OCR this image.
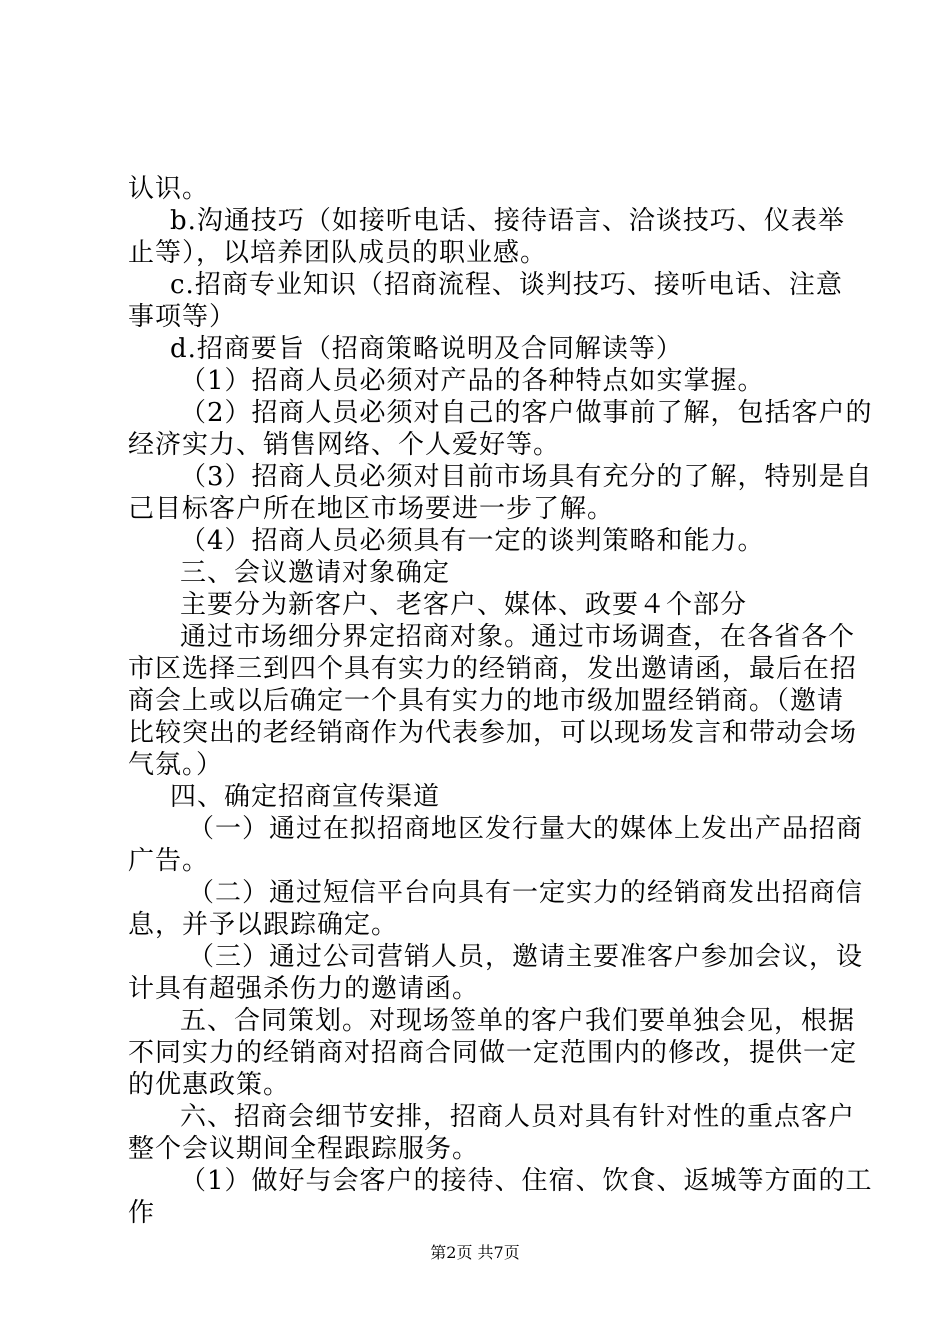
认识。
b.沟通技巧（如接听电话、接待语言、洽谈技巧、仪表举
止等），以培养团队成员的职业感。
c.招商专业知识（招商流程、谈判技巧、接听电话、注意
事项等）
d.招商要旨（招商策略说明及合同解读等）
（1）招商人员必须对产品的各种特点如实掌握。
（2）招商人员必须对自己的客户做事前了解，包括客户的
经济实力、销售网络、个人爱好等。
（3）招商人员必须对目前市场具有充分的了解，特别是自
己目标客户所在地区市场要进一步了解。
（4）招商人员必须具有一定的谈判策略和能力。
三、会议邀请对象确定
主要分为新客户、老客户、媒体、政要４个部分
通过市场细分界定招商对象。通过市场调查，在各省各个
市区选择三到四个具有实力的经销商，发出邀请函，最后在招
商会上或以后确定一个具有实力的地市级加盟经销商。（邀请
比较突出的老经销商作为代表参加，可以现场发言和带动会场
气氛。）
四、确定招商宣传渠道
（一）通过在拟招商地区发行量大的媒体上发出产品招商
广告。
（二）通过短信平台向具有一定实力的经销商发出招商信
息，并予以跟踪确定。
（三）通过公司营销人员，邀请主要准客户参加会议，设
计具有超强杀伤力的邀请函。
五、合同策划。对现场签单的客户我们要单独会见，根据
不同实力的经销商对招商合同做一定范围内的修改，提供一定
的优惠政策。
六、招商会细节安排，招商人员对具有针对性的重点客户
整个会议期间全程跟踪服务。
（1）做好与会客户的接待、住宿、饮食、返城等方面的工
作
第2页 共7页
